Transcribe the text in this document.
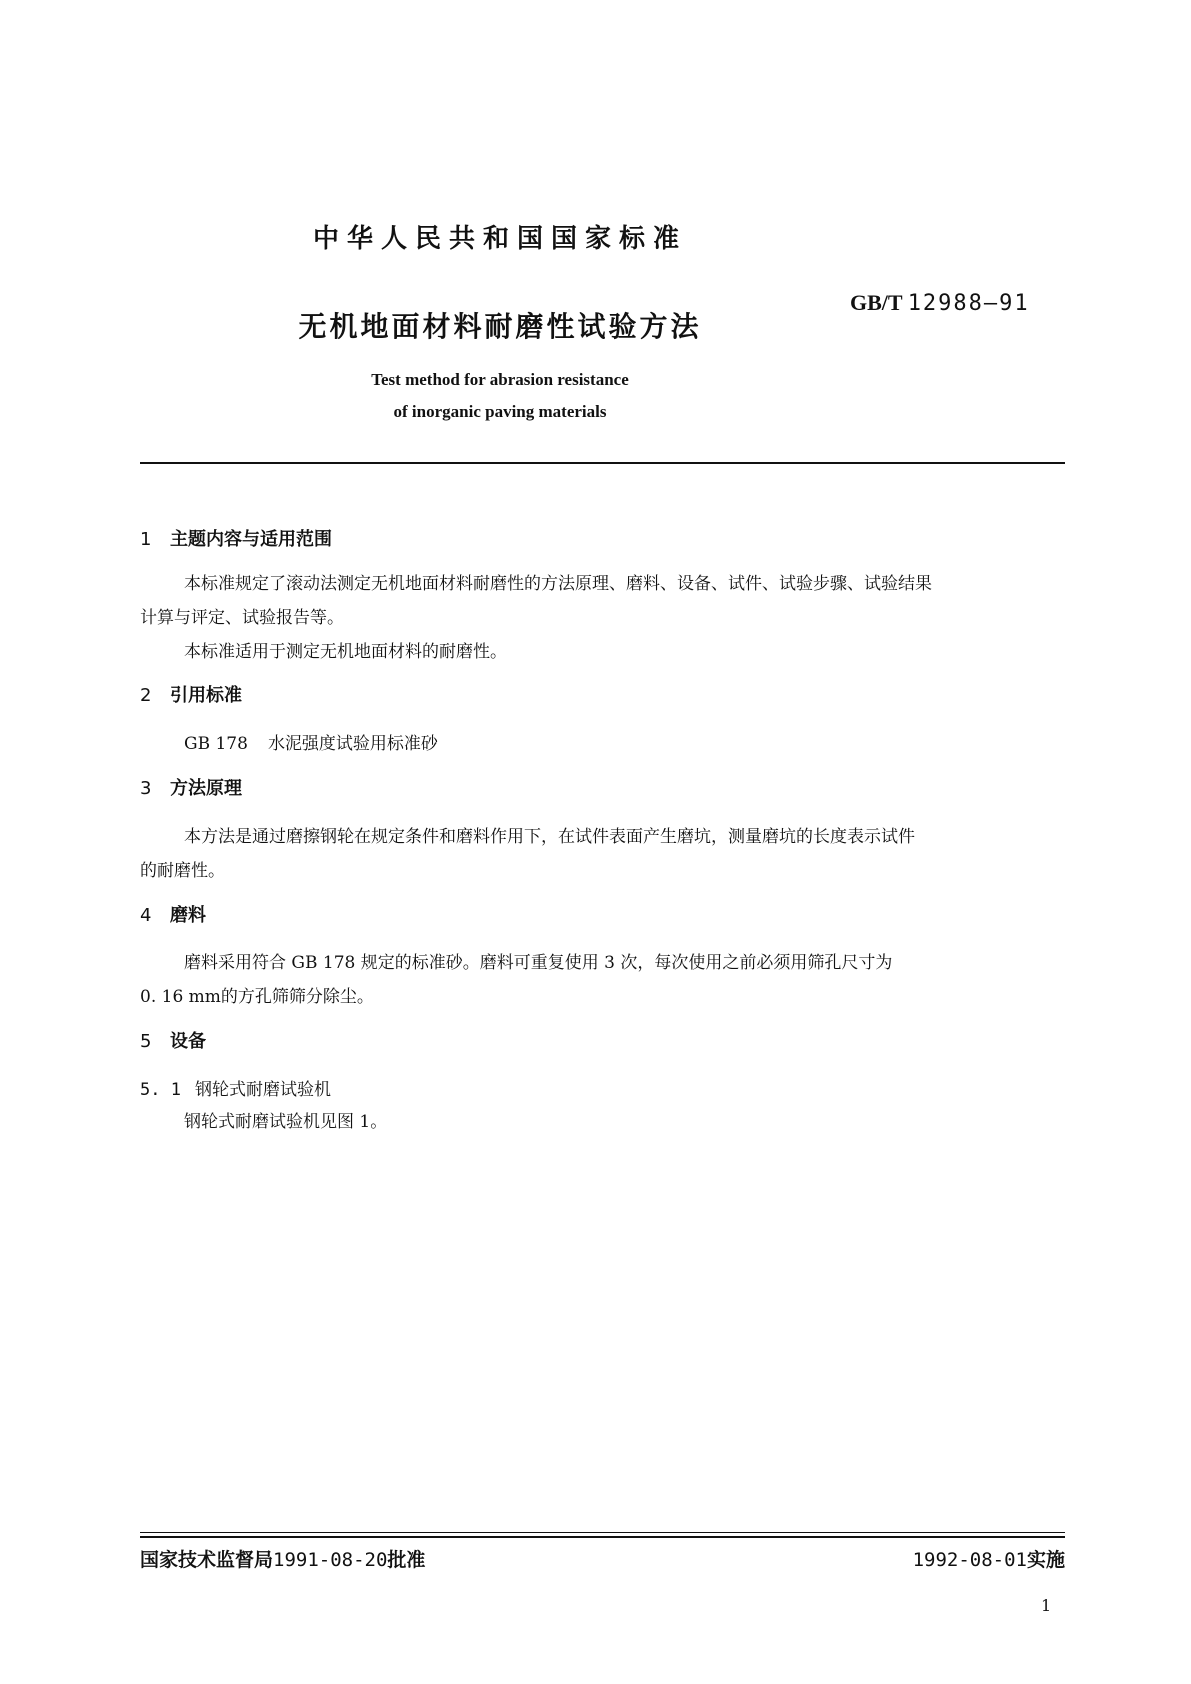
中华人民共和国国家标准
GB/T 12988—91
无机地面材料耐磨性试验方法
Test method for abrasion resistance
of inorganic paving materials
1 主题内容与适用范围
本标准规定了滚动法测定无机地面材料耐磨性的方法原理、磨料、设备、试件、试验步骤、试验结果
计算与评定、试验报告等。
本标准适用于测定无机地面材料的耐磨性。
2 引用标准
GB 178 水泥强度试验用标准砂
3 方法原理
本方法是通过磨擦钢轮在规定条件和磨料作用下，在试件表面产生磨坑，测量磨坑的长度表示试件
的耐磨性。
4 磨料
磨料采用符合 GB 178 规定的标准砂。磨料可重复使用 3 次，每次使用之前必须用筛孔尺寸为
0. 16 mm的方孔筛筛分除尘。
5 设备
5. 1 钢轮式耐磨试验机
钢轮式耐磨试验机见图 1。
国家技术监督局1991-08-20批准	1992-08-01实施
1
